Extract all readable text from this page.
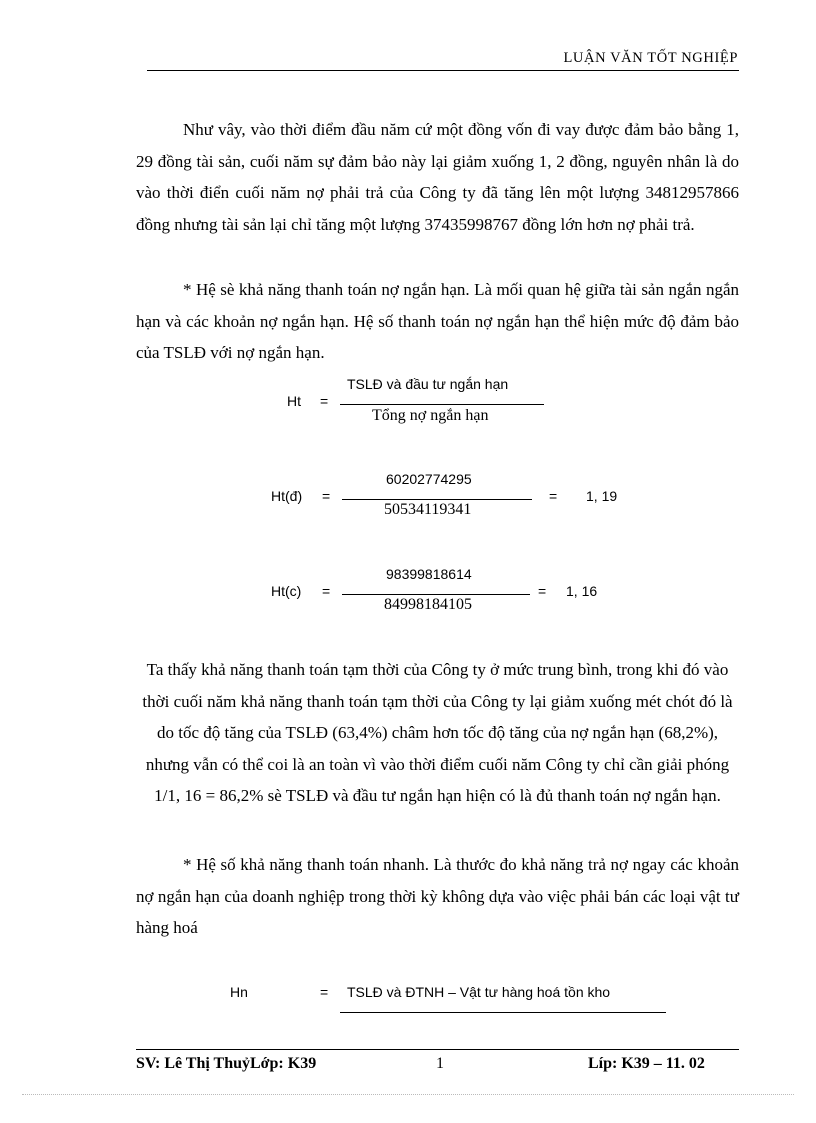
LUẬN VĂN TỐT NGHIỆP

Như vây, vào thời điểm đầu năm cứ một đồng vốn đi vay được đảm bảo bằng 1, 29 đồng tài sản, cuối năm sự đảm bảo này lại giảm xuống 1, 2 đồng, nguyên nhân là do vào thời điển cuối năm nợ phải trả của Công ty đã tăng lên một lượng 34812957866 đồng nhưng tài sản lại chỉ tăng một lượng 37435998767 đồng lớn hơn nợ phải trả.

* Hệ sè khả năng thanh toán nợ ngắn hạn. Là mối quan hệ giữa tài sản ngắn ngắn hạn và các khoản nợ ngắn hạn. Hệ số thanh toán nợ ngắn hạn thể hiện mức độ đảm bảo của TSLĐ với nợ ngắn hạn.

Ht =
TSLĐ và đầu tư ngắn hạn
Tổng nợ ngắn hạn
Ht(đ) =
60202774295
50534119341
= 1, 19
Ht(c) =
98399818614
84998184105
= 1, 16

Ta thấy khả năng thanh toán tạm thời của Công ty ở mức trung bình, trong khi đó vào thời cuối năm khả năng thanh toán tạm thời của Công ty lại giảm xuống mét chót đó là do tốc độ tăng của TSLĐ (63,4%) châm hơn tốc độ tăng của nợ ngắn hạn (68,2%), nhưng vẫn có thể coi là an toàn vì vào thời điểm cuối năm Công ty chỉ cần giải phóng 1/1, 16 = 86,2% sè TSLĐ và đầu tư ngắn hạn hiện có là đủ thanh toán nợ ngắn hạn.

* Hệ số khả năng thanh toán nhanh. Là thước đo khả năng trả nợ ngay các khoản nợ ngắn hạn của doanh nghiệp trong thời kỳ không dựa vào việc phải bán các loại vật tư hàng hoá

Hn	= TSLĐ và ĐTNH – Vật tư hàng hoá tồn kho
SV: Lê Thị ThuỷLớp: K39	1	Líp: K39 – 11. 02
